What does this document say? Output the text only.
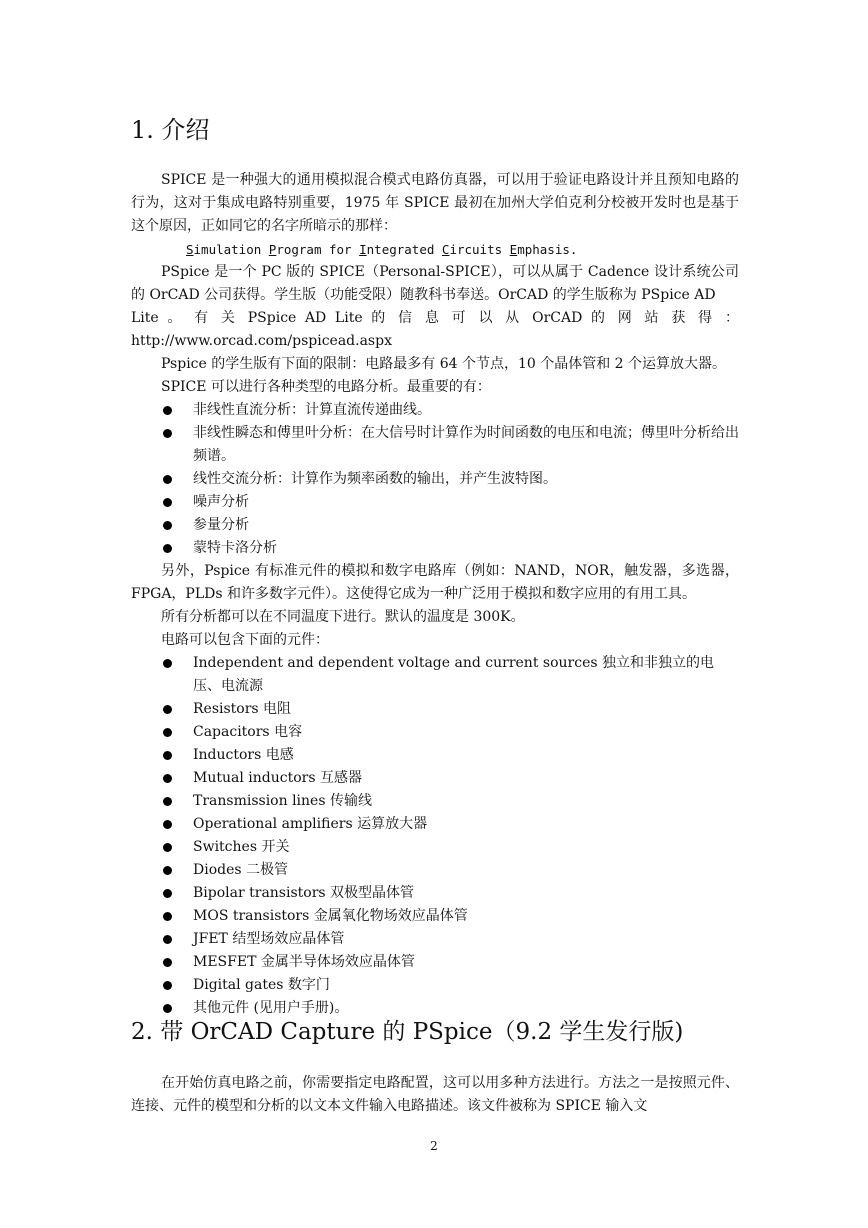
1. 介绍

SPICE 是一种强大的通用模拟混合模式电路仿真器，可以用于验证电路设计并且预知电路的行为，这对于集成电路特别重要，1975 年 SPICE 最初在加州大学伯克利分校被开发时也是基于这个原因，正如同它的名字所暗示的那样：

Simulation Program for Integrated Circuits Emphasis.

PSpice 是一个 PC 版的 SPICE（Personal-SPICE），可以从属于 Cadence 设计系统公司的 OrCAD 公司获得。学生版（功能受限）随教科书奉送。OrCAD 的学生版称为 PSpice AD

Lite 。 有 关 PSpice AD Lite 的 信 息 可 以 从 OrCAD 的 网 站 获 得 ：

http://www.orcad.com/pspicead.aspx

Pspice 的学生版有下面的限制：电路最多有 64 个节点，10 个晶体管和 2 个运算放大器。

SPICE 可以进行各种类型的电路分析。最重要的有：

非线性直流分析：计算直流传递曲线。
非线性瞬态和傅里叶分析：在大信号时计算作为时间函数的电压和电流；傅里叶分析给出频谱。
线性交流分析：计算作为频率函数的输出，并产生波特图。
噪声分析
参量分析
蒙特卡洛分析

另外，Pspice 有标准元件的模拟和数字电路库（例如：NAND，NOR，触发器，多选器，FPGA，PLDs 和许多数字元件）。这使得它成为一种广泛用于模拟和数字应用的有用工具。

所有分析都可以在不同温度下进行。默认的温度是 300K。

电路可以包含下面的元件：

Independent and dependent voltage and current sources 独立和非独立的电压、电流源
Resistors 电阻
Capacitors 电容
Inductors 电感
Mutual inductors 互感器
Transmission lines 传输线
Operational amplifiers 运算放大器
Switches 开关
Diodes 二极管
Bipolar transistors 双极型晶体管
MOS transistors 金属氧化物场效应晶体管
JFET 结型场效应晶体管
MESFET 金属半导体场效应晶体管
Digital gates 数字门
其他元件 (见用户手册)。
2. 带 OrCAD Capture 的 PSpice（9.2 学生发行版)

在开始仿真电路之前，你需要指定电路配置，这可以用多种方法进行。方法之一是按照元件、连接、元件的模型和分析的以文本文件输入电路描述。该文件被称为 SPICE 输入文

2
